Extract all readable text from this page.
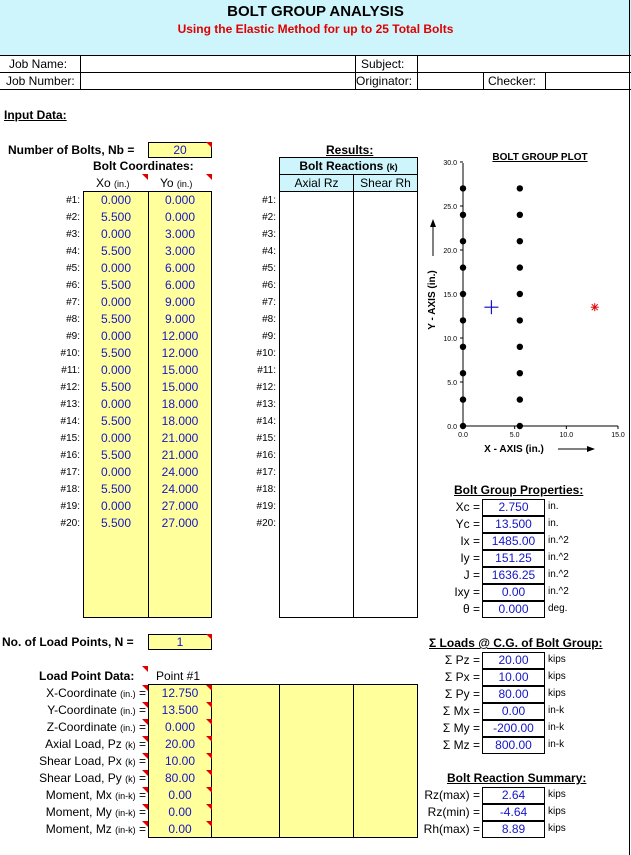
BOLT GROUP ANALYSIS
Using the Elastic Method for up to 25 Total Bolts
Job Name:
Job Number:
Subject:
Originator:	Checker:
Input Data:
Number of Bolts, Nb =	20
Bolt Coordinates:
Xo (in.)	Yo (in.)
#1:	0.000	0.000	#1:
#2:	5.500	0.000	#2:
#3:	0.000	3.000	#3:
#4:	5.500	3.000	#4:
#5:	0.000	6.000	#5:
#6:	5.500	6.000	#6:
#7:	0.000	9.000	#7:
#8:	5.500	9.000	#8:
#9:	0.000	12.000	#9:
#10:	5.500	12.000	#10:
#11:	0.000	15.000	#11:
#12:	5.500	15.000	#12:
#13:	0.000	18.000	#13:
#14:	5.500	18.000	#14:
#15:	0.000	21.000	#15:
#16:	5.500	21.000	#16:
#17:	0.000	24.000	#17:
#18:	5.500	24.000	#18:
#19:	0.000	27.000	#19:
#20:	5.500	27.000	#20:
Results:
Bolt Reactions (k)
Axial Rz	Shear Rh
BOLT GROUP PLOT
0.0
5.0
10.0
15.0
20.0
25.0
30.0
0.0	5.0	10.0	15.0
Y - AXIS (in.)
X - AXIS (in.)
Bolt Group Properties:
Xc =	2.750	in.
Yc =	13.500	in.
Ix = 1485.00	in.^2
Iy =	151.25	in.^2
J = 1636.25	in.^2
Ixy =	0.00	in.^2
θ =	0.000	deg.
No. of Load Points, N =	1
Load Point Data: Point #1
X-Coordinate (in.) =	12.750
Y-Coordinate (in.) =	13.500
Z-Coordinate (in.) =	0.000
Axial Load, Pz (k) =	20.00
Shear Load, Px (k) =	10.00
Shear Load, Py (k) =	80.00
Moment, Mx (in-k) =	0.00
Moment, My (in-k) =	0.00
Moment, Mz (in-k) =	0.00
Σ Loads @ C.G. of Bolt Group:
Σ Pz =	20.00	kips
Σ Px =	10.00	kips
Σ Py =	80.00	kips
Σ Mx =	0.00	in-k
Σ My =	-200.00	in-k
Σ Mz =	800.00	in-k
Bolt Reaction Summary:
Rz(max) =	2.64	kips
Rz(min) =	-4.64	kips
Rh(max) =	8.89	kips
